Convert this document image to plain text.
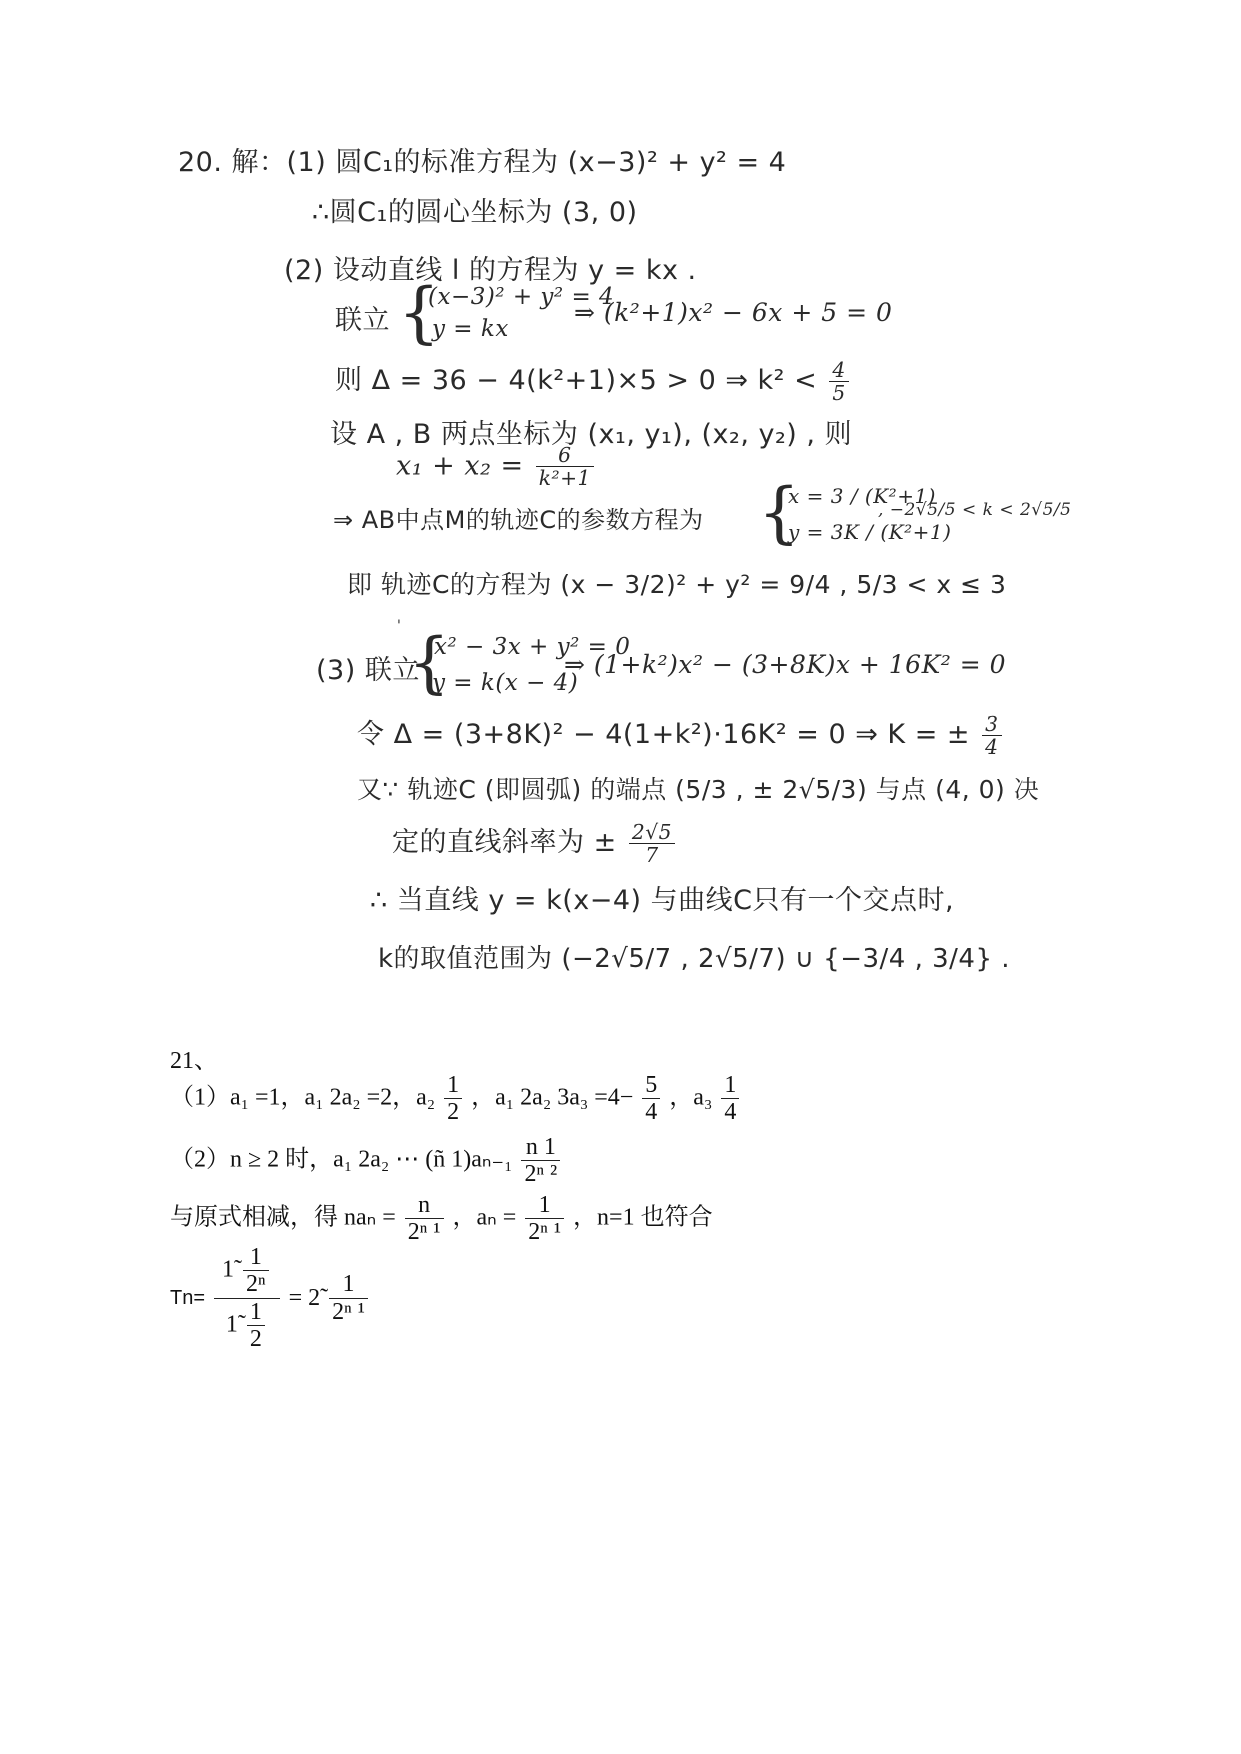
20. 解：(1) 圆C₁的标准方程为 (x−3)² + y² = 4
∴圆C₁的圆心坐标为 (3, 0)
(2) 设动直线 l 的方程为 y = kx .
联立 {
(x−3)² + y² = 4
y = kx
⇒ (k²+1)x² − 6x + 5 = 0
则 Δ = 36 − 4(k²+1)×5 > 0 ⇒ $k^2 < \frac{4}{5}$
设 A , B 两点坐标为 (x₁, y₁), (x₂, y₂) , 则
$x_1 + x_2 = \frac{6}{\text{k²+1}}$
⇒ AB中点M的轨迹C的参数方程为 {
x = 3 / (K²+1)
y = 3K / (K²+1)
, −2√5/5 < k < 2√5/5
即 轨迹C的方程为 (x − 3/2)² + y² = 9/4 , 5/3 < x ≤ 3
'
(3) 联立
{
x² − 3x + y² = 0
y = k(x − 4)
⇒ (1+k²)x² − (3+8K)x + 16K² = 0
令 Δ = (3+8K)² − 4(1+k²)·16K² = 0 ⇒ K = ± $\frac{3}{4}$
又∵ 轨迹C (即圆弧) 的端点 (5/3 , ± 2√5/3) 与点 (4, 0) 决
定的直线斜率为 ± $\frac{2√5}{7}$
∴ 当直线 y = k(x−4) 与曲线C只有一个交点时,
k的取值范围为 (−2√5/7 , 2√5/7) ∪ {−3/4 , 3/4} .
21、
（1）a₁ =1，a₁ 2a₂ =2，$a_2 \frac{1}{2}$ ，a₁ 2a₂ $3a_3 =4- \frac{5}{4}$ ，$a_3 \frac{1}{4}$
（2）n ≥ 2 时，a₁ 2a₂ ⋯ (ñ $1)a_{n-1} \frac{n 1}{\text{2ⁿ ²}}$
与原式相减，得 $na_n = \frac{n}{\text{2ⁿ ¹}}$ ，$a_n = \frac{1}{\text{2ⁿ ¹}}$ ，n=1 也符合
$Tn= \frac{1̃ \frac{1}{\text{2ⁿ}}}{1̃ \frac{1}{2}}$ = 2̃ $\frac{1}{\text{2ⁿ ¹}}$
